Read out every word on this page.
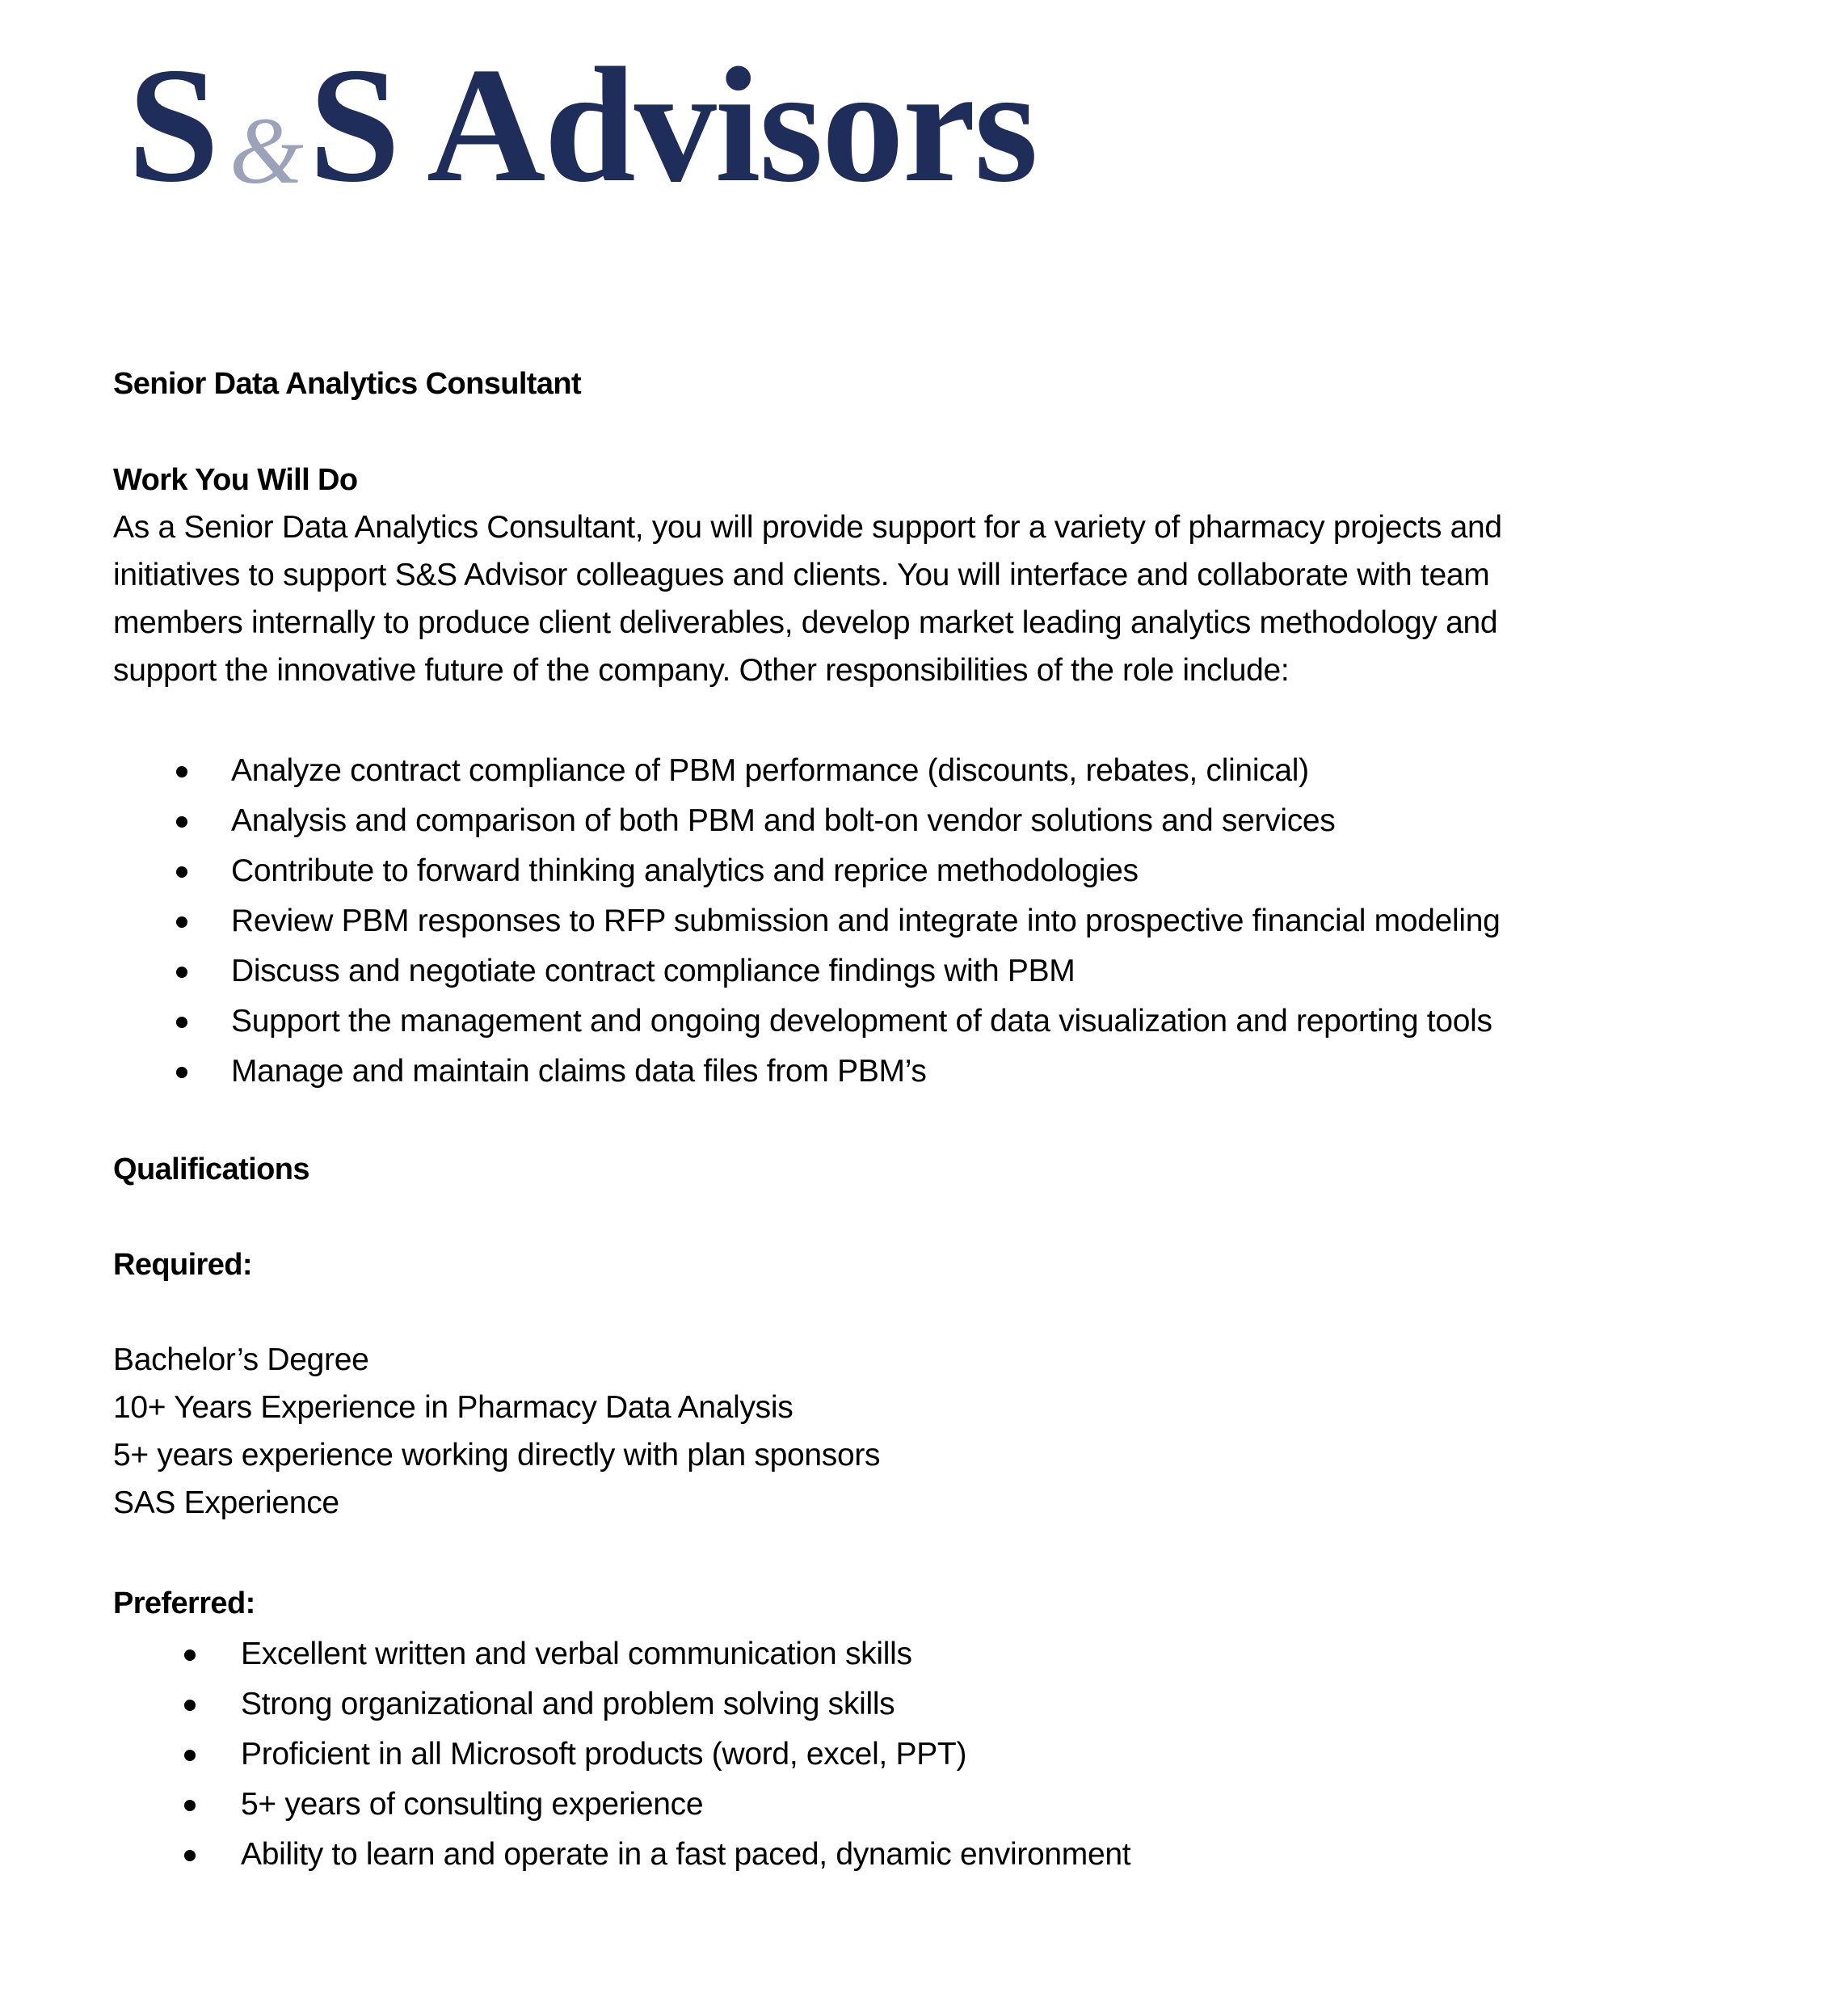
S & S Advisors
Senior Data Analytics Consultant
Work You Will Do
As a Senior Data Analytics Consultant, you will provide support for a variety of pharmacy projects and
initiatives to support S&S Advisor colleagues and clients. You will interface and collaborate with team
members internally to produce client deliverables, develop market leading analytics methodology and
support the innovative future of the company. Other responsibilities of the role include:
Analyze contract compliance of PBM performance (discounts, rebates, clinical)
Analysis and comparison of both PBM and bolt-on vendor solutions and services
Contribute to forward thinking analytics and reprice methodologies
Review PBM responses to RFP submission and integrate into prospective financial modeling
Discuss and negotiate contract compliance findings with PBM
Support the management and ongoing development of data visualization and reporting tools
Manage and maintain claims data files from PBM’s
Qualifications
Required:
Bachelor’s Degree
10+ Years Experience in Pharmacy Data Analysis
5+ years experience working directly with plan sponsors
SAS Experience
Preferred:
Excellent written and verbal communication skills
Strong organizational and problem solving skills
Proficient in all Microsoft products (word, excel, PPT)
5+ years of consulting experience
Ability to learn and operate in a fast paced, dynamic environment
